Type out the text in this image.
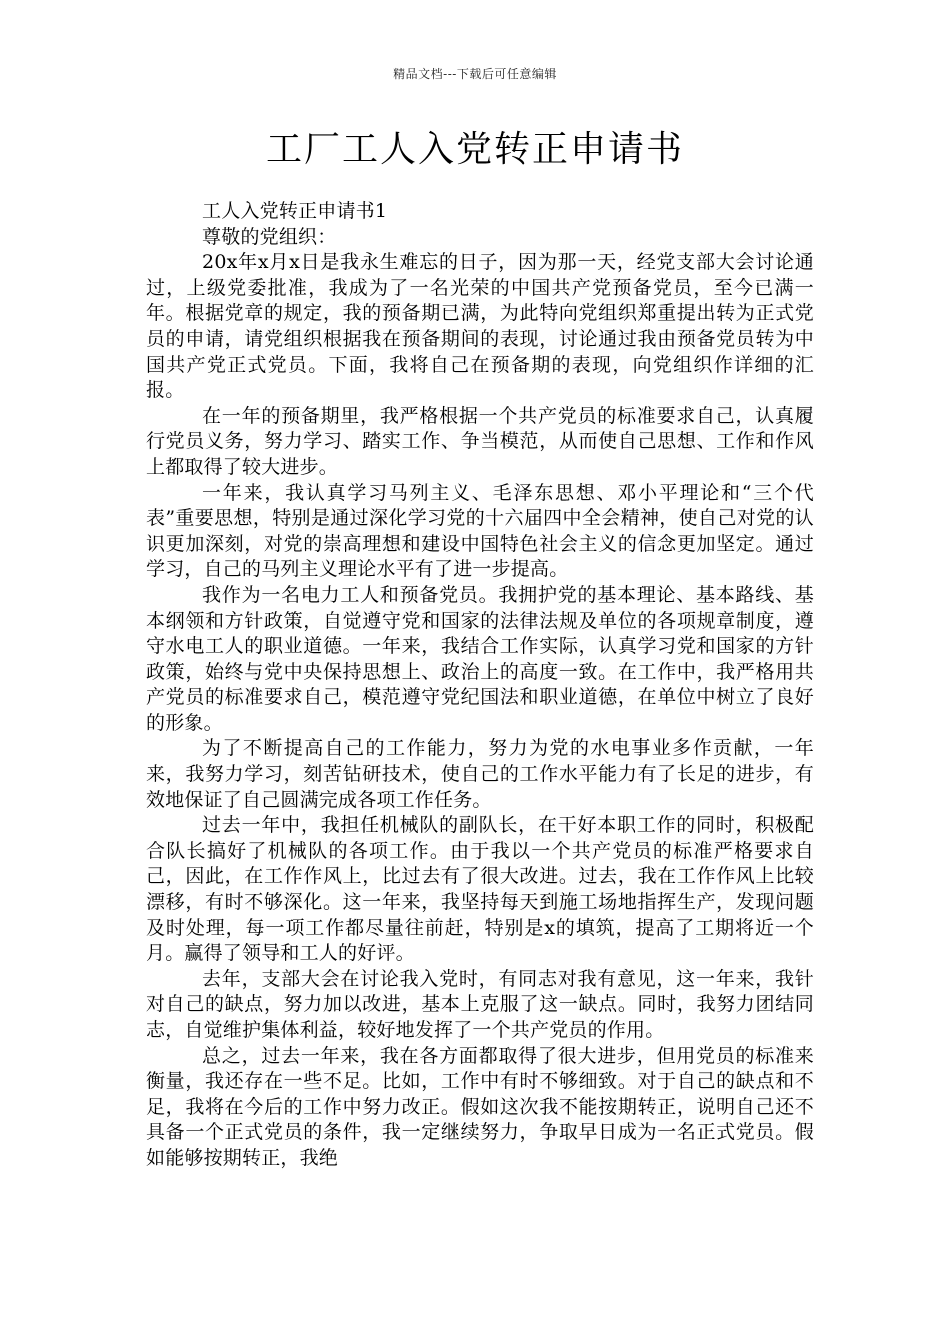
精品文档---下载后可任意编辑
工厂工人入党转正申请书

工人入党转正申请书1

尊敬的党组织：

20x年x月x日是我永生难忘的日子，因为那一天，经党支部大会讨论通过，上级党委批准，我成为了一名光荣的中国共产党预备党员，至今已满一年。根据党章的规定，我的预备期已满，为此特向党组织郑重提出转为正式党员的申请，请党组织根据我在预备期间的表现，讨论通过我由预备党员转为中国共产党正式党员。下面，我将自己在预备期的表现，向党组织作详细的汇报。

在一年的预备期里，我严格根据一个共产党员的标准要求自己，认真履行党员义务，努力学习、踏实工作、争当模范，从而使自己思想、工作和作风上都取得了较大进步。

一年来，我认真学习马列主义、毛泽东思想、邓小平理论和“三个代表”重要思想，特别是通过深化学习党的十六届四中全会精神，使自己对党的认识更加深刻，对党的崇高理想和建设中国特色社会主义的信念更加坚定。通过学习，自己的马列主义理论水平有了进一步提高。

我作为一名电力工人和预备党员。我拥护党的基本理论、基本路线、基本纲领和方针政策，自觉遵守党和国家的法律法规及单位的各项规章制度，遵守水电工人的职业道德。一年来，我结合工作实际，认真学习党和国家的方针政策，始终与党中央保持思想上、政治上的高度一致。在工作中，我严格用共产党员的标准要求自己，模范遵守党纪国法和职业道德，在单位中树立了良好的形象。

为了不断提高自己的工作能力，努力为党的水电事业多作贡献，一年来，我努力学习，刻苦钻研技术，使自己的工作水平能力有了长足的进步，有效地保证了自己圆满完成各项工作任务。

过去一年中，我担任机械队的副队长，在干好本职工作的同时，积极配合队长搞好了机械队的各项工作。由于我以一个共产党员的标准严格要求自己，因此，在工作作风上，比过去有了很大改进。过去，我在工作作风上比较漂移，有时不够深化。这一年来，我坚持每天到施工场地指挥生产，发现问题及时处理，每一项工作都尽量往前赶，特别是x的填筑，提高了工期将近一个月。赢得了领导和工人的好评。

去年，支部大会在讨论我入党时，有同志对我有意见，这一年来，我针对自己的缺点，努力加以改进，基本上克服了这一缺点。同时，我努力团结同志，自觉维护集体利益，较好地发挥了一个共产党员的作用。

总之，过去一年来，我在各方面都取得了很大进步，但用党员的标准来衡量，我还存在一些不足。比如，工作中有时不够细致。对于自己的缺点和不足，我将在今后的工作中努力改正。假如这次我不能按期转正，说明自己还不具备一个正式党员的条件，我一定继续努力，争取早日成为一名正式党员。假如能够按期转正，我绝
